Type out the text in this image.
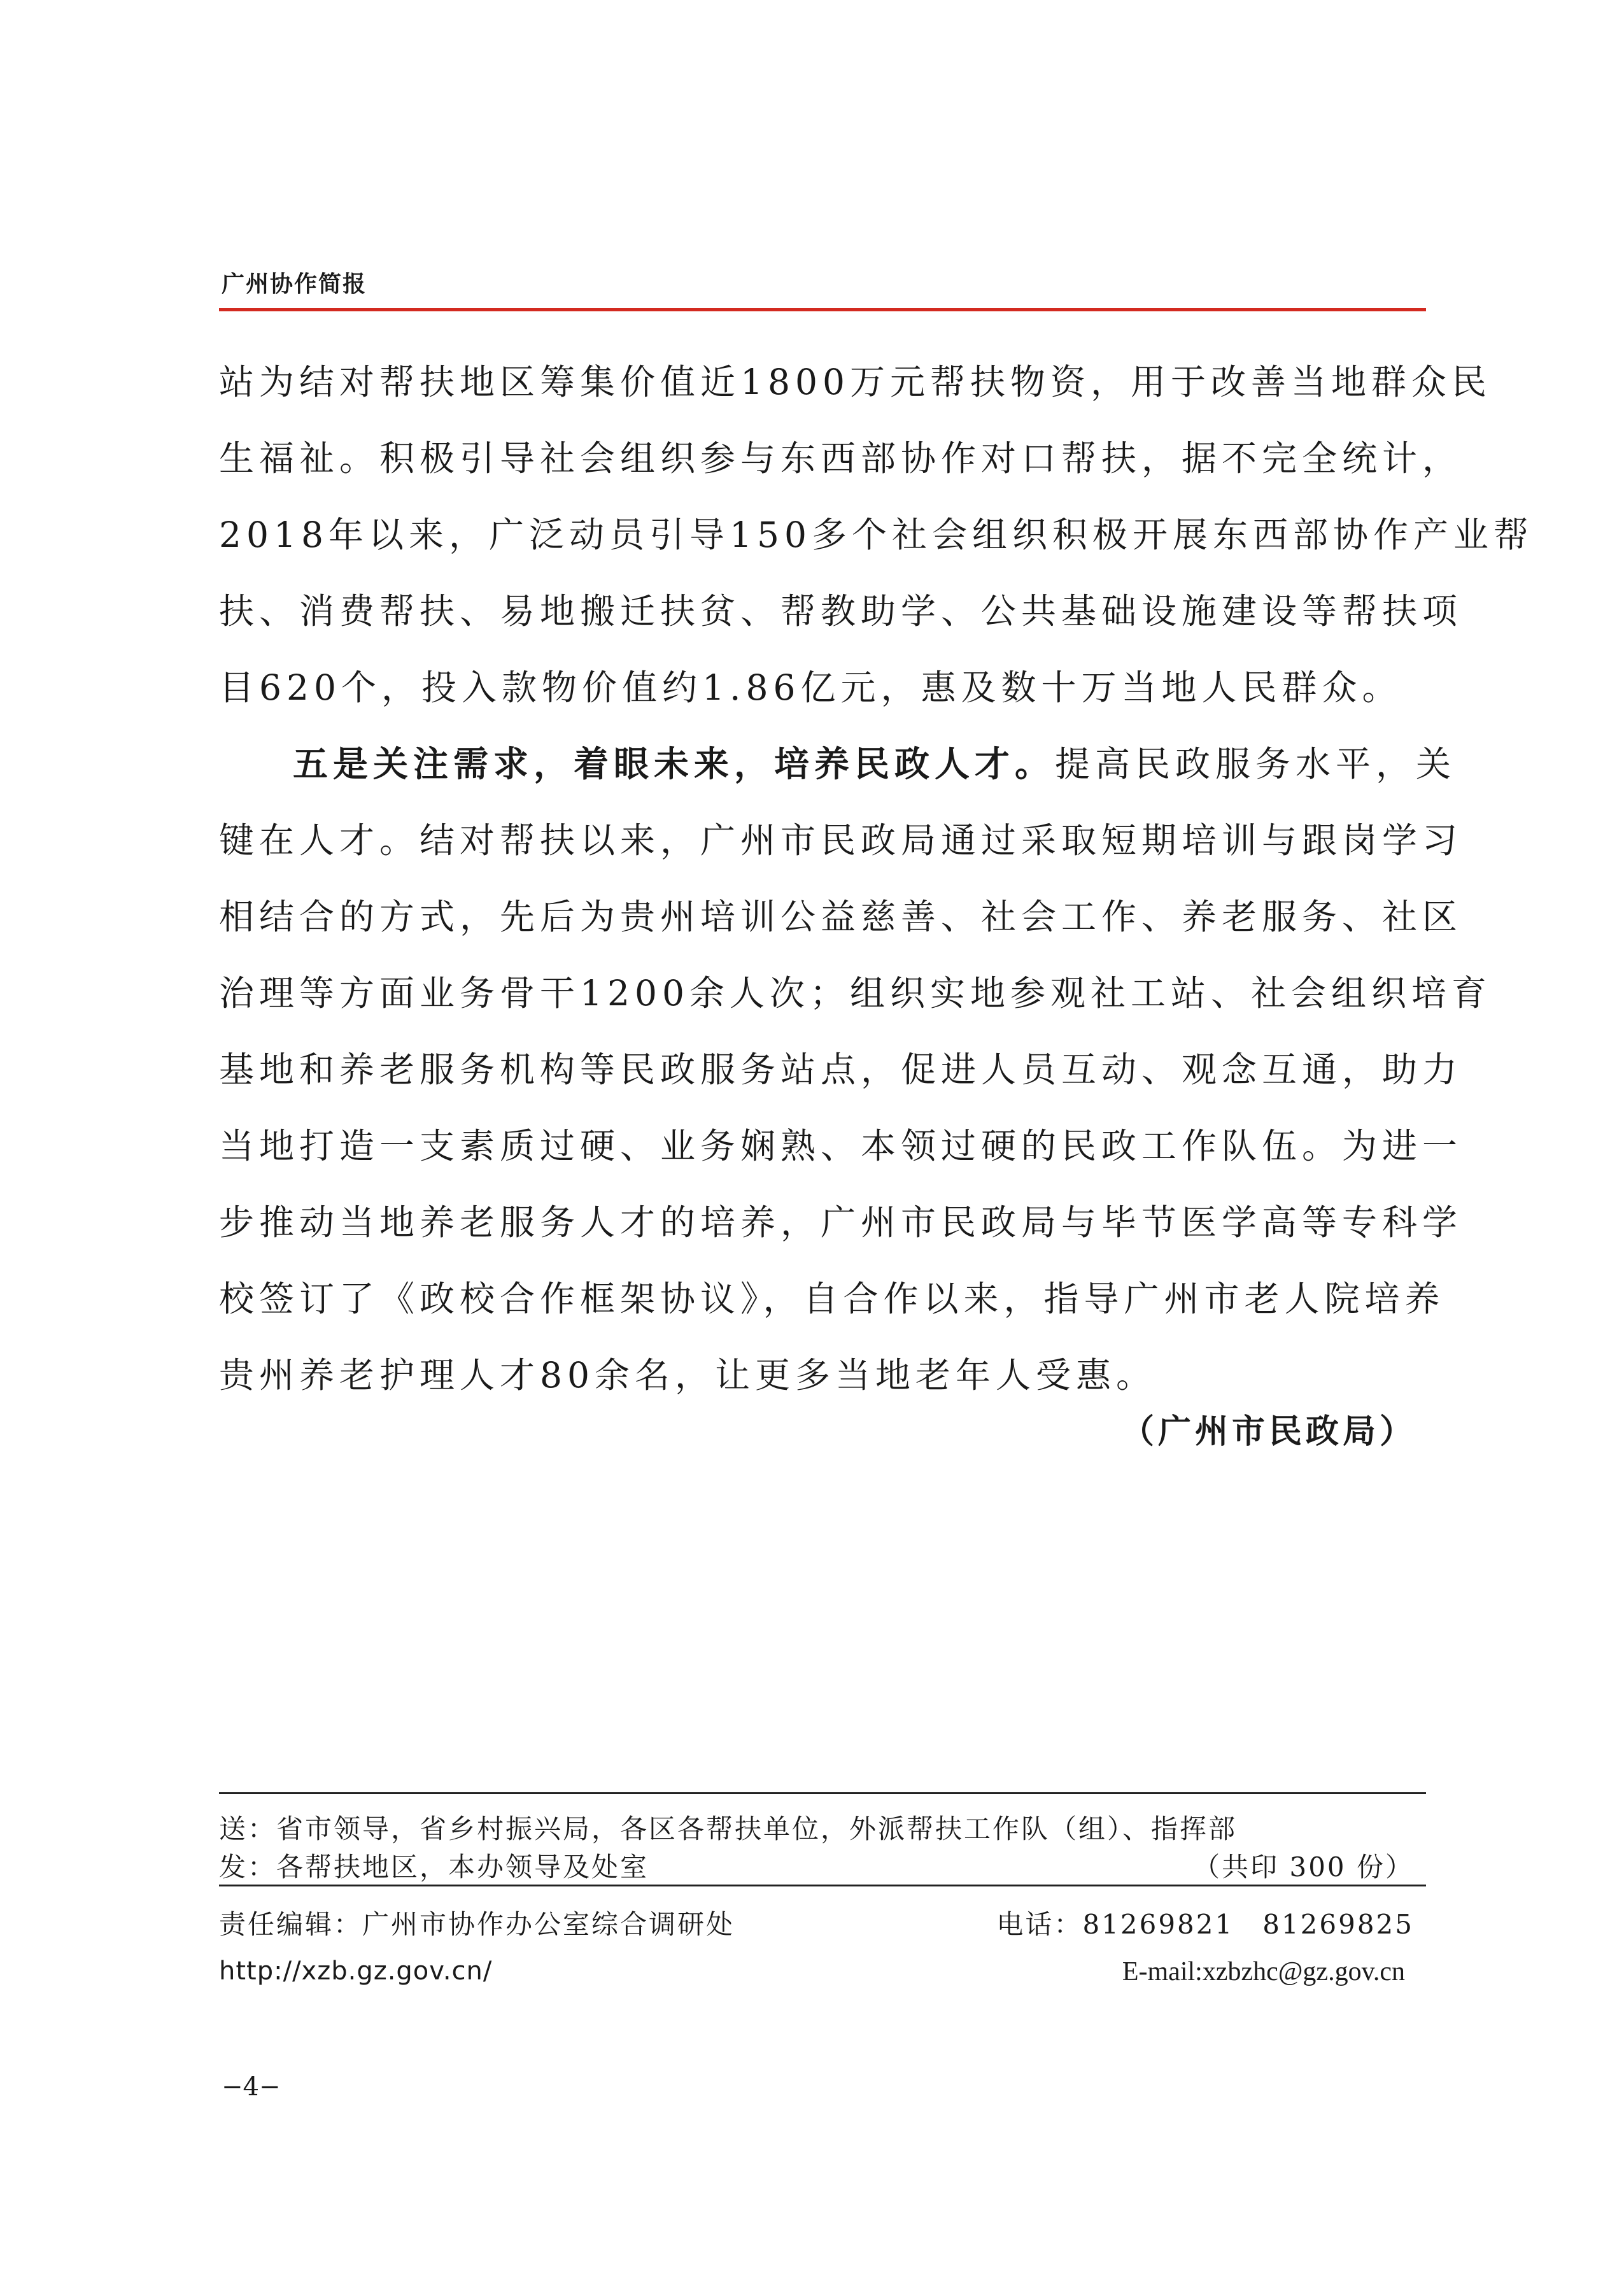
广州协作简报
站为结对帮扶地区筹集价值近1800万元帮扶物资，用于改善当地群众民
生福祉。积极引导社会组织参与东西部协作对口帮扶，据不完全统计，
2018年以来，广泛动员引导150多个社会组织积极开展东西部协作产业帮
扶、消费帮扶、易地搬迁扶贫、帮教助学、公共基础设施建设等帮扶项
目620个，投入款物价值约1.86亿元，惠及数十万当地人民群众。
五是关注需求，着眼未来，培养民政人才。提高民政服务水平，关
键在人才。结对帮扶以来，广州市民政局通过采取短期培训与跟岗学习
相结合的方式，先后为贵州培训公益慈善、社会工作、养老服务、社区
治理等方面业务骨干1200余人次；组织实地参观社工站、社会组织培育
基地和养老服务机构等民政服务站点，促进人员互动、观念互通，助力
当地打造一支素质过硬、业务娴熟、本领过硬的民政工作队伍。为进一
步推动当地养老服务人才的培养，广州市民政局与毕节医学高等专科学
校签订了《政校合作框架协议》，自合作以来，指导广州市老人院培养
贵州养老护理人才80余名，让更多当地老年人受惠。
（广州市民政局）
送：省市领导，省乡村振兴局，各区各帮扶单位，外派帮扶工作队（组）、指挥部
发：各帮扶地区，本办领导及处室	（共印 300 份）
责任编辑：广州市协作办公室综合调研处	电话：81269821　81269825
http://xzb.gz.gov.cn/	E-mail:xzbzhc@gz.gov.cn
−4−
